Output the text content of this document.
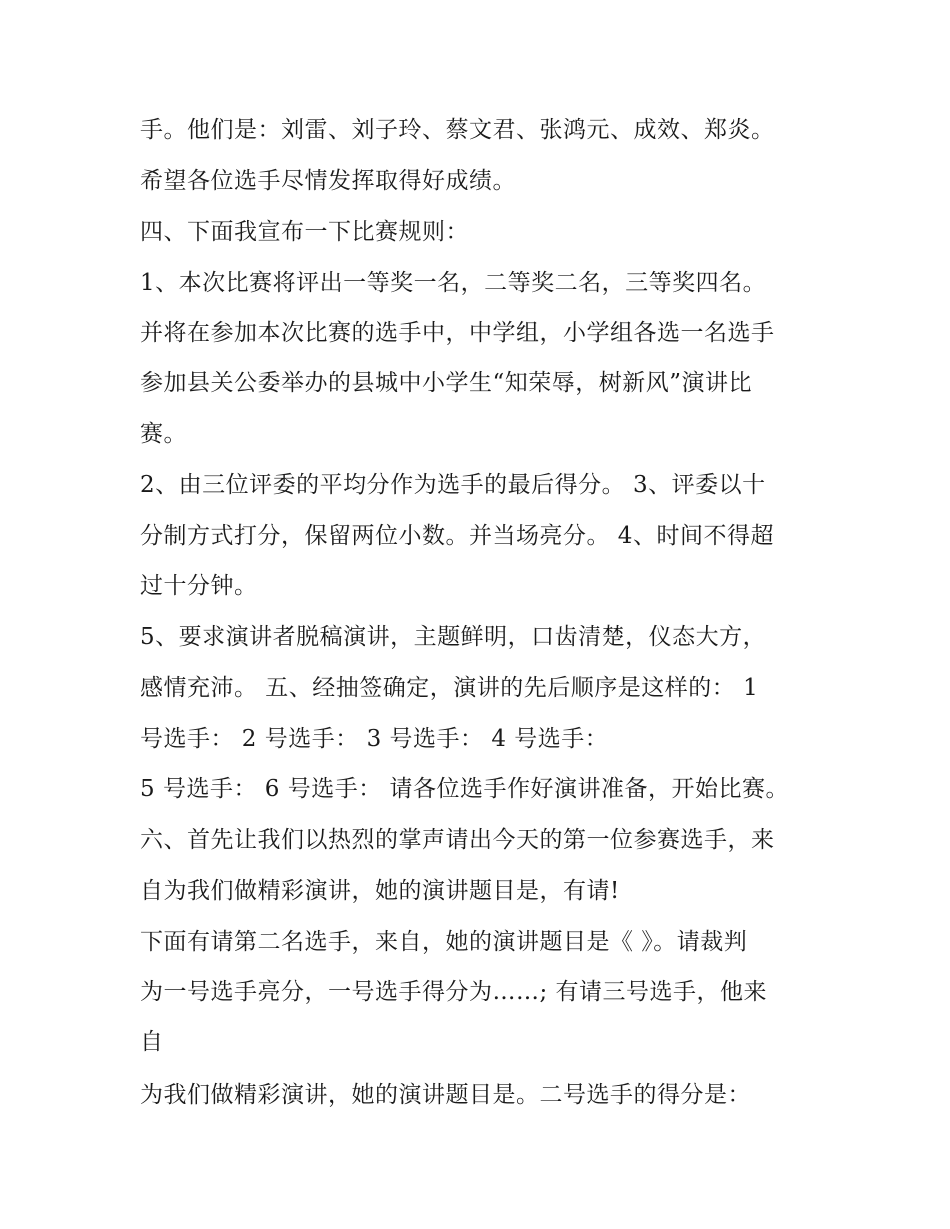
手。他们是：刘雷、刘子玲、蔡文君、张鸿元、成效、郑炎。
希望各位选手尽情发挥取得好成绩。
四、下面我宣布一下比赛规则：
1、本次比赛将评出一等奖一名，二等奖二名，三等奖四名。
并将在参加本次比赛的选手中，中学组，小学组各选一名选手
参加县关公委举办的县城中小学生“知荣辱，树新风”演讲比
赛。
2、由三位评委的平均分作为选手的最后得分。 3、评委以十
分制方式打分，保留两位小数。并当场亮分。 4、时间不得超
过十分钟。
5、要求演讲者脱稿演讲，主题鲜明，口齿清楚，仪态大方，
感情充沛。 五、经抽签确定，演讲的先后顺序是这样的： 1
号选手： 2 号选手： 3 号选手： 4 号选手：
5 号选手： 6 号选手： 请各位选手作好演讲准备，开始比赛。
六、首先让我们以热烈的掌声请出今天的第一位参赛选手，来
自为我们做精彩演讲，她的演讲题目是，有请!
下面有请第二名选手，来自，她的演讲题目是《 》。请裁判
为一号选手亮分，一号选手得分为……; 有请三号选手，他来
自
为我们做精彩演讲，她的演讲题目是。二号选手的得分是：
